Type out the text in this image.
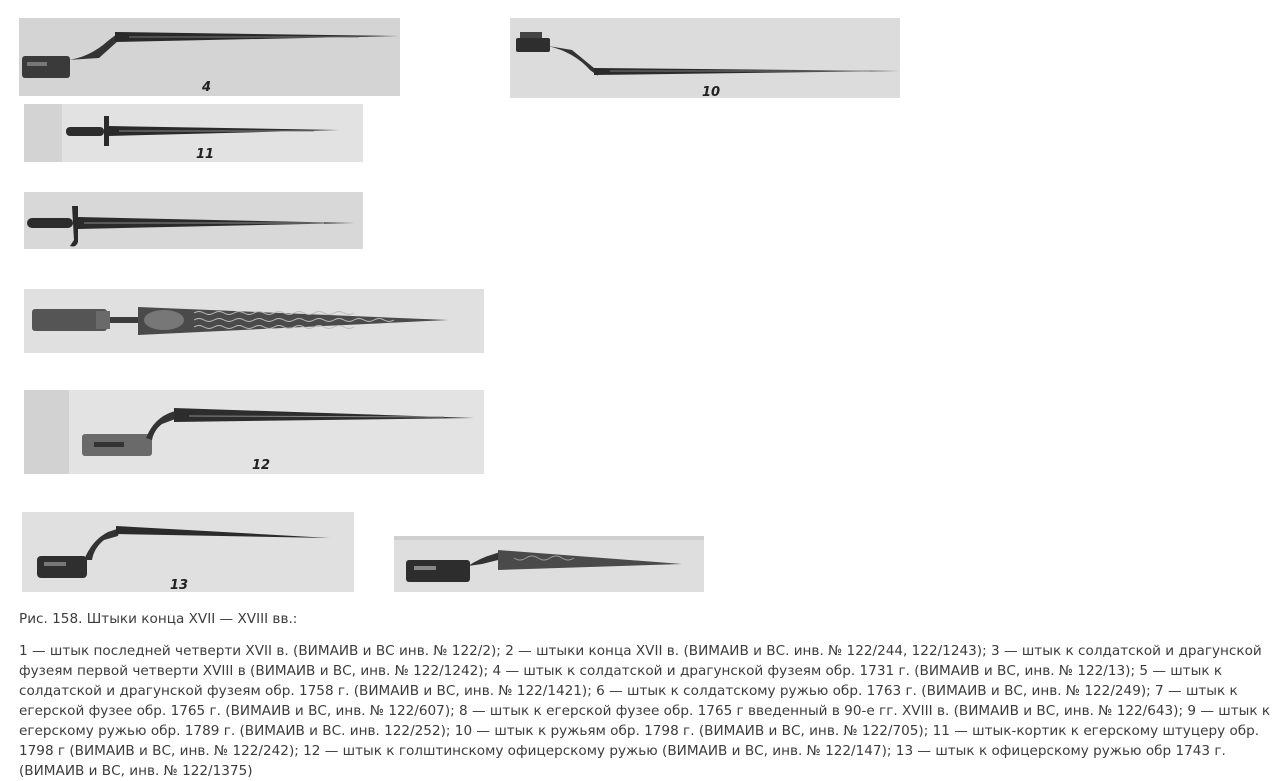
4	10
11
12
13

Рис. 158. Штыки конца XVII — XVIII вв.:

1 — штык последней четверти XVII в. (ВИМАИВ и ВС инв. № 122/2); 2 — штыки конца XVII в. (ВИМАИВ и ВС. инв. № 122/244, 122/1243); 3 — штык к солдатской и драгунской фузеям первой четверти XVIII в (ВИМАИВ и ВС, инв. № 122/1242); 4 — штык к солдатской и драгунской фузеям обр. 1731 г. (ВИМАИВ и ВС, инв. № 122/13); 5 — штык к солдатской и драгунской фузеям обр. 1758 г. (ВИМАИВ и ВС, инв. № 122/1421); 6 — штык к солдатскому ружью обр. 1763 г. (ВИМАИВ и ВС, инв. № 122/249); 7 — штык к егерской фузее обр. 1765 г. (ВИМАИВ и ВС, инв. № 122/607); 8 — штык к егерской фузее обр. 1765 г введенный в 90-е гг. XVIII в. (ВИМАИВ и ВС, инв. № 122/643); 9 — штык к егерскому ружью обр. 1789 г. (ВИМАИВ и ВС. инв. 122/252); 10 — штык к ружьям обр. 1798 г. (ВИМАИВ и ВС, инв. № 122/705); 11 — штык-кортик к егерскому штуцеру обр. 1798 г (ВИМАИВ и ВС, инв. № 122/242); 12 — штык к голштинскому офицерскому ружью (ВИМАИВ и ВС, инв. № 122/147); 13 — штык к офицерскому ружью обр 1743 г. (ВИМАИВ и ВС, инв. № 122/1375)
